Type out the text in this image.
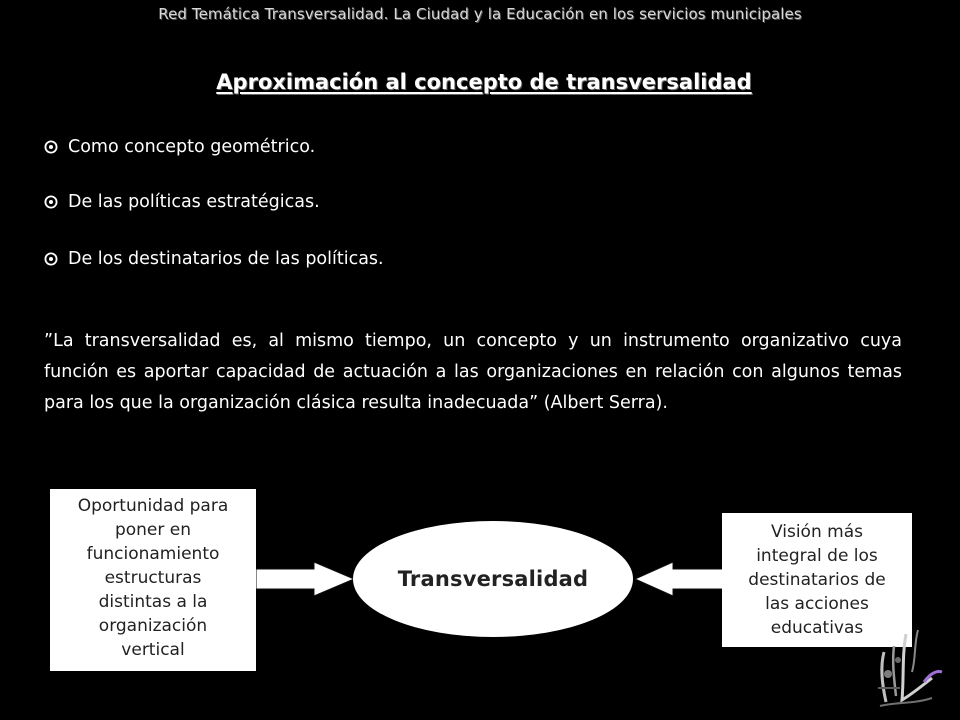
Red Temática Transversalidad. La Ciudad y la Educación en los servicios municipales
Aproximación al concepto de transversalidad
Como concepto geométrico.
De las políticas estratégicas.
De los destinatarios de las políticas.
”La transversalidad es, al mismo tiempo, un concepto y un instrumento organizativo cuya función es aportar capacidad de actuación a las organizaciones en relación con algunos temas para los que la organización clásica resulta inadecuada” (Albert Serra).
Oportunidad para
poner en
funcionamiento
estructuras
distintas a la
organización
vertical
Transversalidad
Visión más
integral de los
destinatarios de
las acciones
educativas
